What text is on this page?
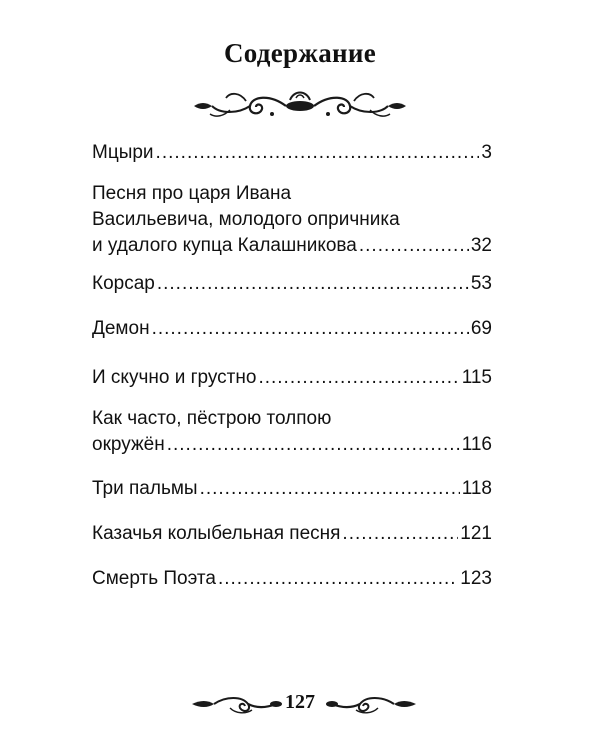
Содержание
Мцыри .....	3
Песня про царя Ивана
Васильевича, молодого опричника
и удалого купца Калашникова .....	32
Корсар .....	53
Демон .....	69
И скучно и грустно .....	115
Как часто, пёстрою толпою
окружён .....	116
Три пальмы .....	118
Казачья колыбельная песня .....	121
Смерть Поэта .....	123
127
